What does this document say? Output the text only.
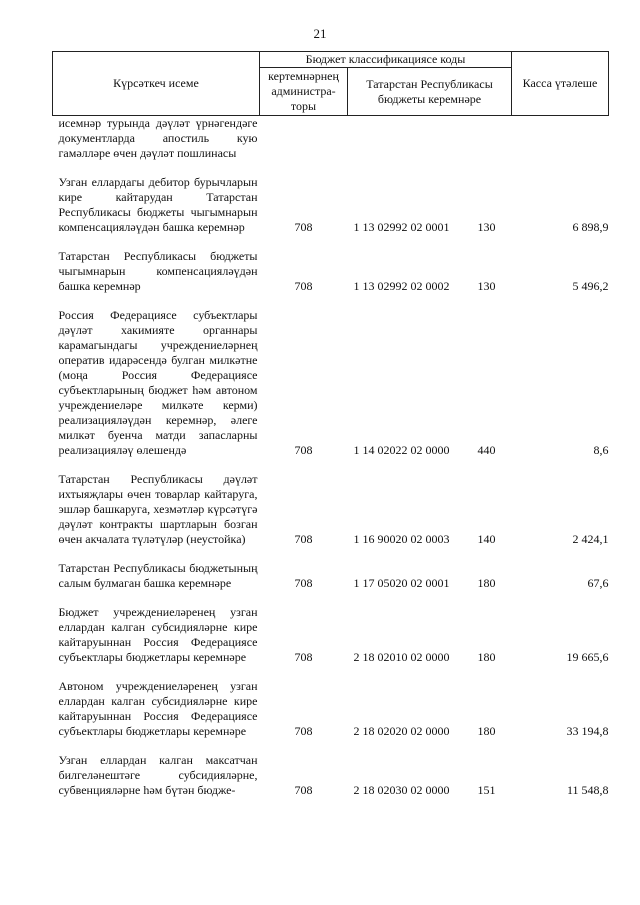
21
Күрсәткеч исеме	Бюджет классификациясе коды		Касса үтәлеше
	кертемнәрнең администра-торы	Татарстан Республикасы бюджеты керемнәре	
исемнәр турында дәүләт үрнәгендәге документларда апостиль кую гамәлләре өчен дәүләт пошлинасы			
Узган еллардагы дебитор бурычларын кире кайтарудан Татарстан Республикасы бюджеты чыгымнарын компенсацияләүдән башка керемнәр	708	1 13 02992 02 0001 130	6 898,9
Татарстан Республикасы бюджеты чыгымнарын компенсацияләүдән башка керемнәр	708	1 13 02992 02 0002 130	5 496,2
Россия Федерациясе субъектлары дәүләт хакимияте органнары карамагындагы учреждениеләрнең оператив идарәсендә булган милкәтне (моңа Россия Федерациясе субъектларының бюджет һәм автоном учреждениеләре милкәте керми) реализацияләүдән керемнәр, әлеге милкәт буенча матди запасларны реализацияләү өлешендә	708	1 14 02022 02 0000 440	8,6
Татарстан Республикасы дәүләт ихтыяҗлары өчен товарлар кайтаруга, эшләр башкаруга, хезмәтләр күрсәтүгә дәүләт контракты шартларын бозган өчен акчалата түләтүләр (неустойка)	708	1 16 90020 02 0003 140	2 424,1
Татарстан Республикасы бюджетының салым булмаган башка керемнәре	708	1 17 05020 02 0001 180	67,6
Бюджет учреждениеләренең узган еллардан калган субсидияләрне кире кайтаруыннан Россия Федерациясе субъектлары бюджетлары керемнәре	708	2 18 02010 02 0000 180	19 665,6
Автоном учреждениеләренең узган еллардан калган субсидияләрне кире кайтаруыннан Россия Федерациясе субъектлары бюджетлары керемнәре	708	2 18 02020 02 0000 180	33 194,8
Узган еллардан калган максатчан билгеләнештәге субсидияләрне, субвенцияләрне һәм бүтән бюдже-	708	2 18 02030 02 0000 151	11 548,8
